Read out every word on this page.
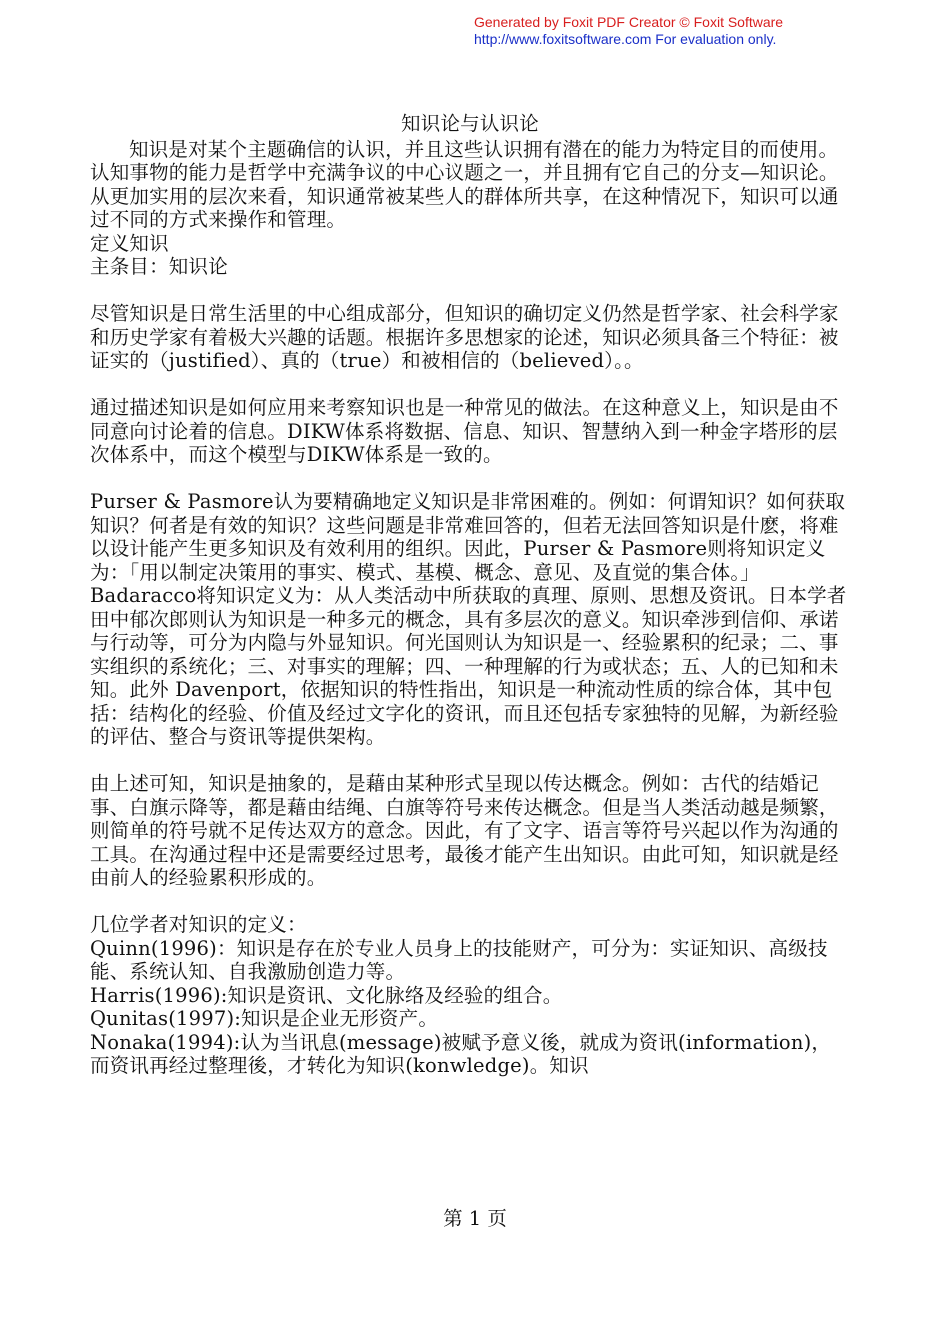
Generated by Foxit PDF Creator © Foxit Software
http://www.foxitsoftware.com For evaluation only.
知识论与认识论

知识是对某个主题确信的认识，并且这些认识拥有潜在的能力为特定目的而使用。认知事物的能力是哲学中充满争议的中心议题之一，并且拥有它自己的分支—知识论。从更加实用的层次来看，知识通常被某些人的群体所共享，在这种情况下，知识可以通过不同的方式来操作和管理。

定义知识

主条目：知识论

尽管知识是日常生活里的中心组成部分，但知识的确切定义仍然是哲学家、社会科学家和历史学家有着极大兴趣的话题。根据许多思想家的论述，知识必须具备三个特征：被证实的（justified）、真的（true）和被相信的（believed）。。

通过描述知识是如何应用来考察知识也是一种常见的做法。在这种意义上，知识是由不同意向讨论着的信息。DIKW体系将数据、信息、知识、智慧纳入到一种金字塔形的层次体系中，而这个模型与DIKW体系是一致的。

Purser & Pasmore认为要精确地定义知识是非常困难的。例如：何谓知识？如何获取知识？何者是有效的知识？这些问题是非常难回答的，但若无法回答知识是什麽，将难以设计能产生更多知识及有效利用的组织。因此，Purser & Pasmore则将知识定义为：「用以制定决策用的事实、模式、基模、概念、意见、及直觉的集合体。」Badaracco将知识定义为：从人类活动中所获取的真理、原则、思想及资讯。日本学者田中郁次郎则认为知识是一种多元的概念，具有多层次的意义。知识牵涉到信仰、承诺与行动等，可分为内隐与外显知识。何光国则认为知识是一、经验累积的纪录；二、事实组织的系统化；三、对事实的理解；四、一种理解的行为或状态；五、人的已知和未知。此外 Davenport，依据知识的特性指出，知识是一种流动性质的综合体，其中包括：结构化的经验、价值及经过文字化的资讯，而且还包括专家独特的见解，为新经验的评估、整合与资讯等提供架构。

由上述可知，知识是抽象的，是藉由某种形式呈现以传达概念。例如：古代的结婚记事、白旗示降等，都是藉由结绳、白旗等符号来传达概念。但是当人类活动越是频繁，则简单的符号就不足传达双方的意念。因此，有了文字、语言等符号兴起以作为沟通的工具。在沟通过程中还是需要经过思考，最後才能产生出知识。由此可知，知识就是经由前人的经验累积形成的。

几位学者对知识的定义：

Quinn(1996)：知识是存在於专业人员身上的技能财产，可分为：实证知识、高级技能、系统认知、自我激励创造力等。

Harris(1996):知识是资讯、文化脉络及经验的组合。

Qunitas(1997):知识是企业无形资产。

Nonaka(1994):认为当讯息(message)被赋予意义後，就成为资讯(information)，而资讯再经过整理後，才转化为知识(konwledge)。知识

第 1 页
